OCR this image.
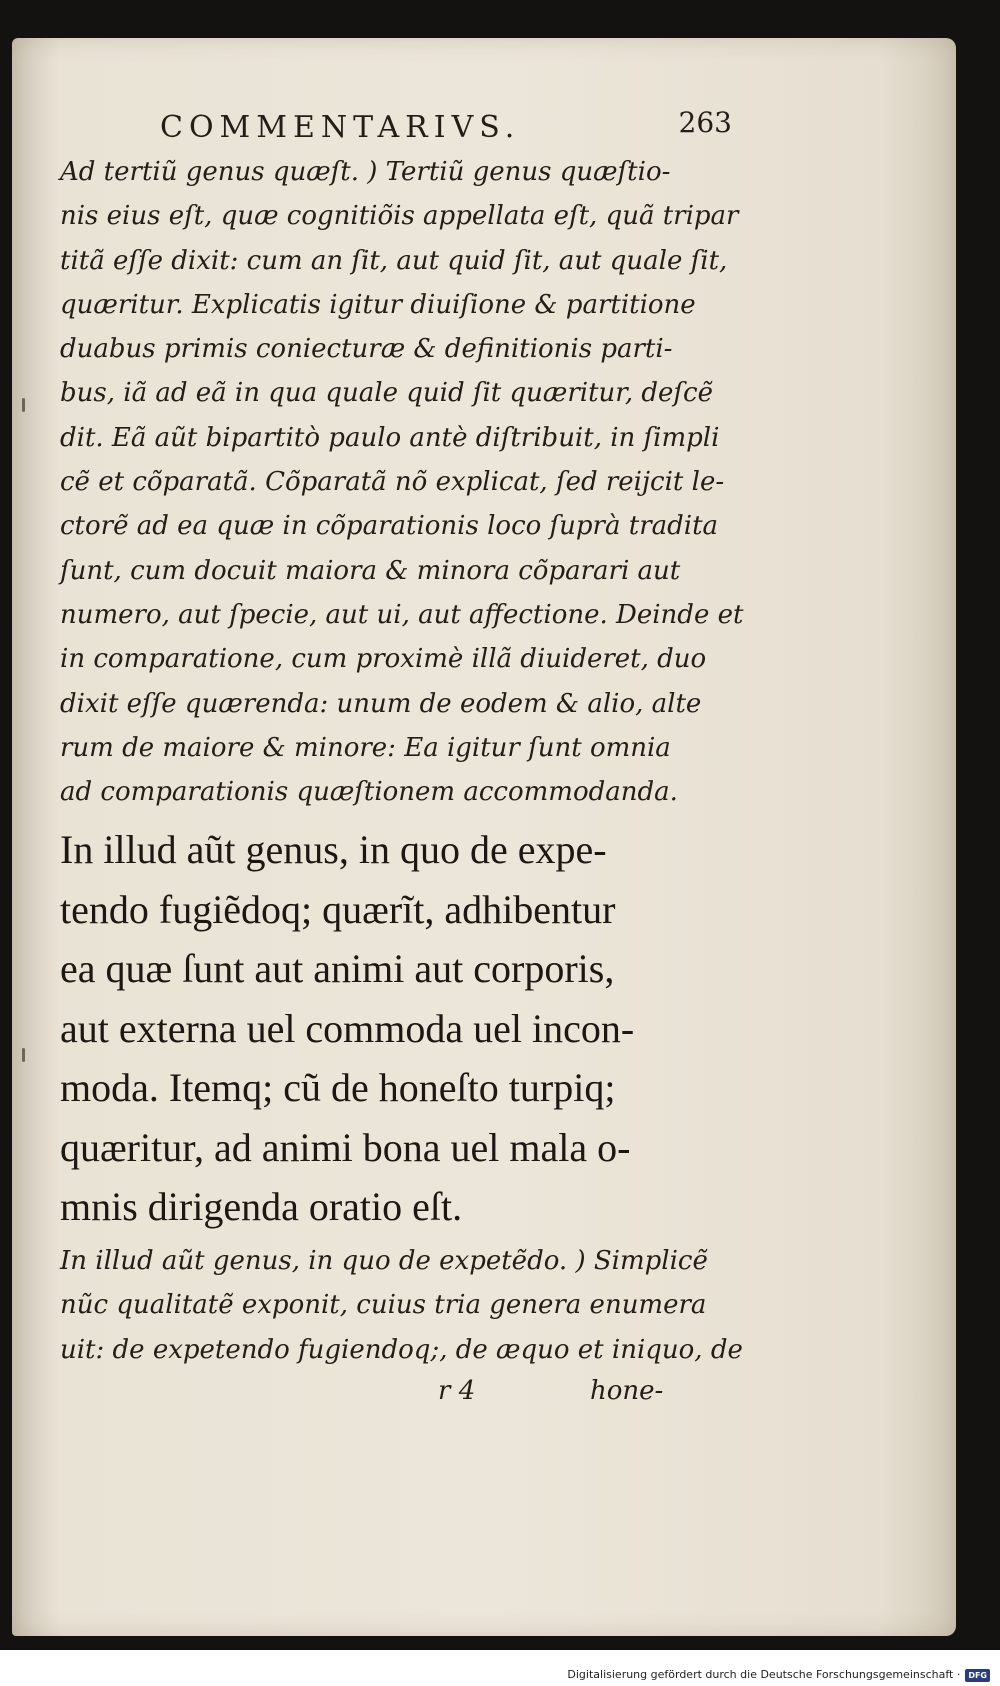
COMMENTARIVS.	263
Ad tertiũ genus quæſt. ) Tertiũ genus quæſtio-
nis eius eſt, quæ cognitiõis appellata eſt, quã tripar
titã eſſe dixit: cum an ſit, aut quid ſit, aut quale ſit,
quæritur. Explicatis igitur diuiſione & partitione
duabus primis coniecturæ & definitionis parti-
bus, iã ad eã in qua quale quid ſit quæritur, deſcẽ
dit. Eã aũt bipartitò paulo antè diſtribuit, in ſimpli
cẽ et cõparatã. Cõparatã nõ explicat, ſed reijcit le-
ctorẽ ad ea quæ in cõparationis loco ſuprà tradita
ſunt, cum docuit maiora & minora cõparari aut
numero, aut ſpecie, aut ui, aut affectione. Deinde et
in comparatione, cum proximè illã diuideret, duo
dixit eſſe quærenda: unum de eodem & alio, alte
rum de maiore & minore: Ea igitur ſunt omnia
ad comparationis quæſtionem accommodanda.
In illud aũt genus, in quo de expe-
tendo fugiẽdoq; quærĩt, adhibentur
ea quæ ſunt aut animi aut corporis,
aut externa uel commoda uel incon-
moda. Itemq; cũ de honeſto turpiq;
quæritur, ad animi bona uel mala o-
mnis dirigenda oratio eſt.
In illud aũt genus, in quo de expetẽdo. ) Simplicẽ
nũc qualitatẽ exponit, cuius tria genera enumera
uit: de expetendo fugiendoq;, de æquo et iniquo, de
r 4	hone-
Digitalisierung gefördert durch die Deutsche Forschungsgemeinschaft ·	DFG
